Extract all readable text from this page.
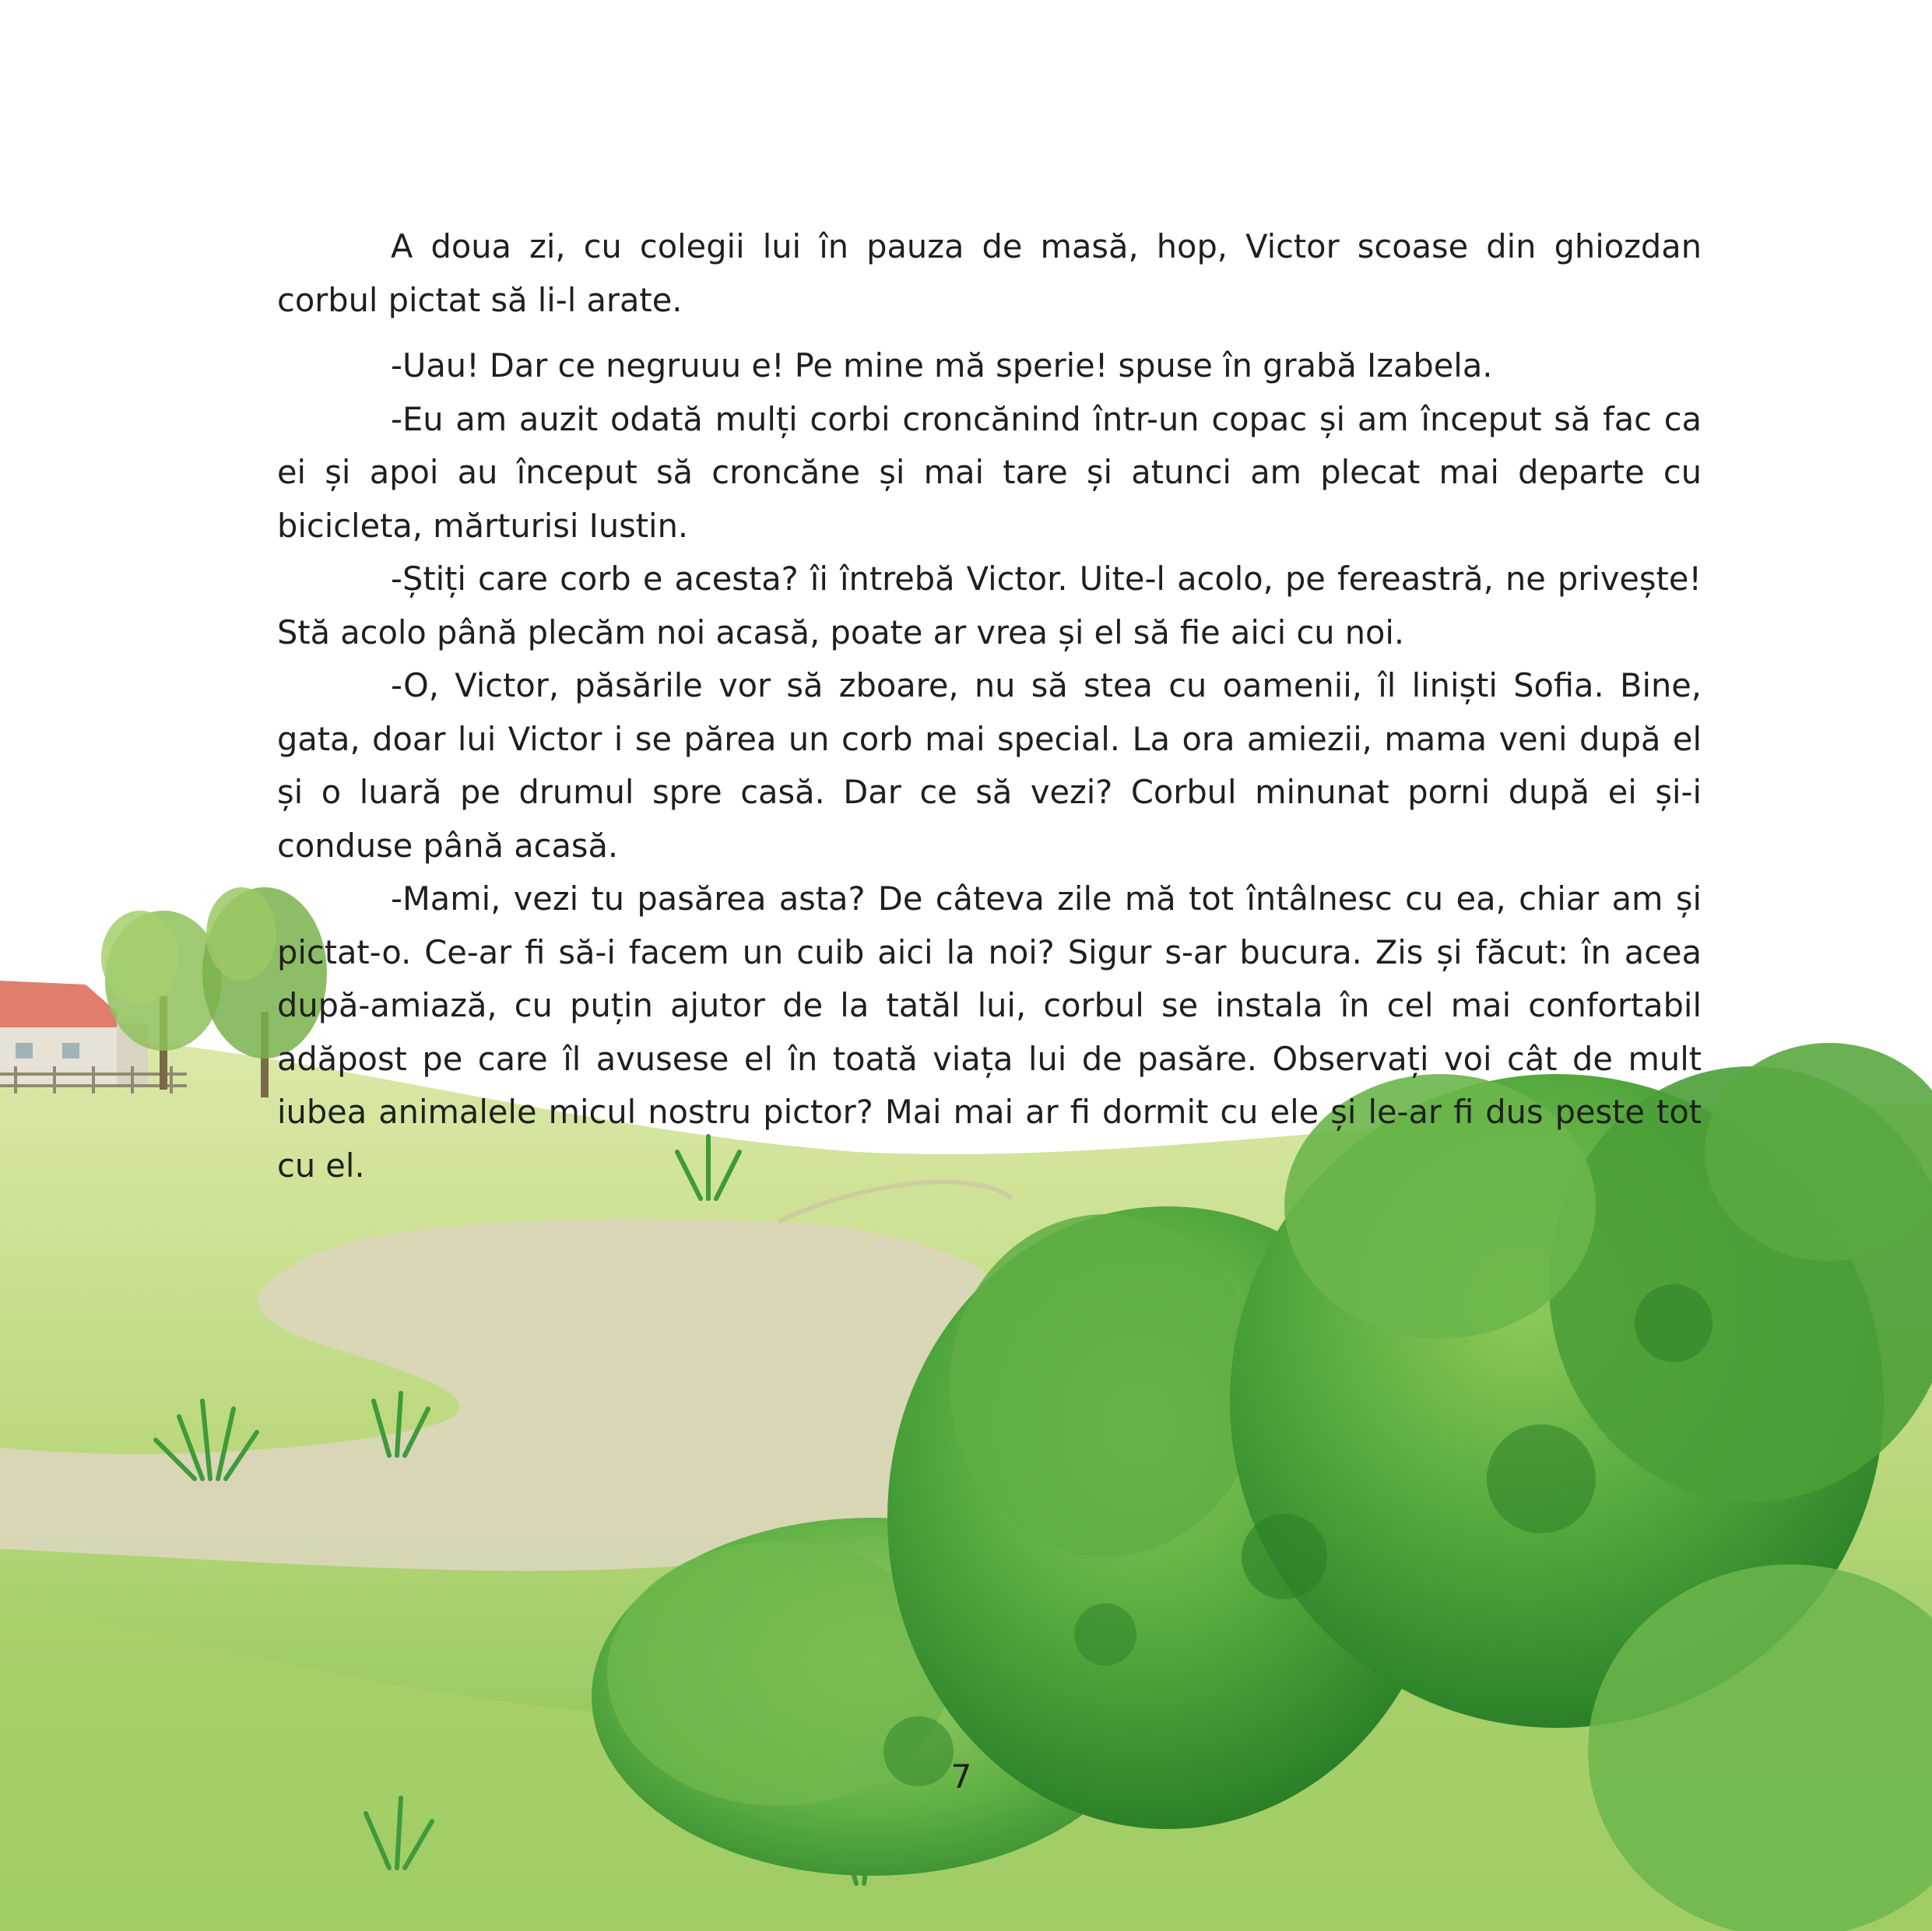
A doua zi, cu colegii lui în pauza de masă, hop, Victor scoase din ghiozdan corbul pictat să li-l arate.

-Uau! Dar ce negruuu e! Pe mine mă sperie! spuse în grabă Izabela.

-Eu am auzit odată mulți corbi croncănind într-un copac și am început să fac ca ei și apoi au început să croncăne și mai tare și atunci am plecat mai departe cu bicicleta, mărturisi Iustin.

-Știți care corb e acesta? îi întrebă Victor. Uite-l acolo, pe fereastră, ne privește! Stă acolo până plecăm noi acasă, poate ar vrea și el să fie aici cu noi.

-O, Victor, păsările vor să zboare, nu să stea cu oamenii, îl liniști Sofia. Bine, gata, doar lui Victor i se părea un corb mai special. La ora amiezii, mama veni după el și o luară pe drumul spre casă. Dar ce să vezi? Corbul minunat porni după ei și-i conduse până acasă.

-Mami, vezi tu pasărea asta? De câteva zile mă tot întâlnesc cu ea, chiar am și pictat-o. Ce-ar fi să-i facem un cuib aici la noi? Sigur s-ar bucura. Zis și făcut: în acea după-amiază, cu puțin ajutor de la tatăl lui, corbul se instala în cel mai confortabil adăpost pe care îl avusese el în toată viața lui de pasăre. Observați voi cât de mult iubea animalele micul nostru pictor? Mai mai ar fi dormit cu ele și le-ar fi dus peste tot cu el.

7
